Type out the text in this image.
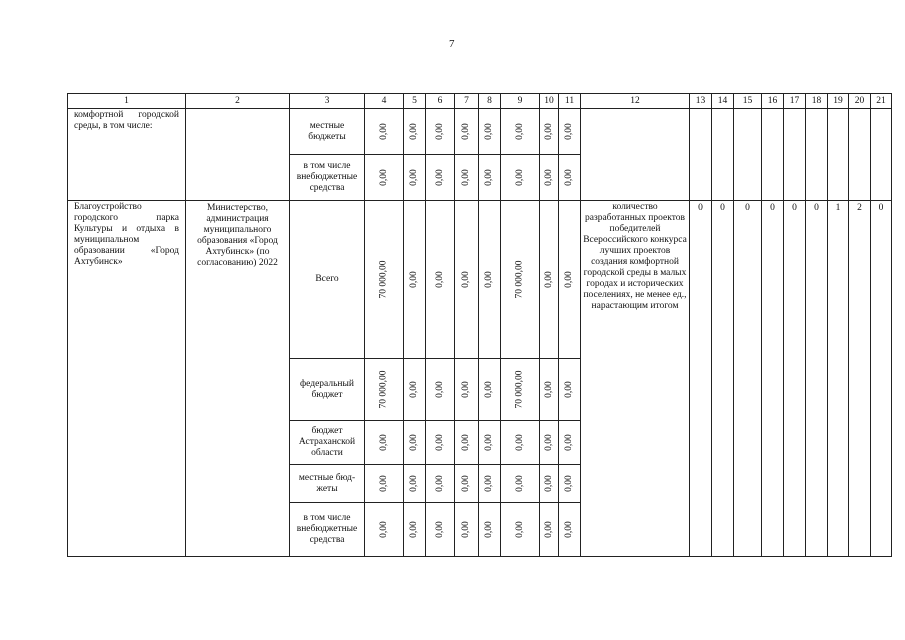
7
1	2	3	4	5	6	7	8	9	10	11	12	13	14	15	16	17	18	19	20	21
комфортной городской среды, в том числе:		местные бюджеты	0,00	0,00	0,00	0,00	0,00	0,00	0,00	0,00										
		в том числе внебюджетные средства	0,00	0,00	0,00	0,00	0,00	0,00	0,00	0,00										
Благоустройство городского парка Культуры и отдыха в муниципальном образовании «Город Ахтубинск»	Министерство, администрация муниципального образования «Город Ахтубинск» (по согласованию) 2022	Всего	70 000,00	0,00	0,00	0,00	0,00	70 000,00	0,00	0,00	количество разработанных проектов победителей Всероссийского конкурса лучших проектов создания комфортной городской среды в малых городах и исторических поселениях, не менее ед., нарастающим итогом	0	0	0	0	0	0	1	2	0
		федеральный бюджет	70 000,00	0,00	0,00	0,00	0,00	70 000,00	0,00	0,00										
		бюджет Астраханской области	0,00	0,00	0,00	0,00	0,00	0,00	0,00	0,00										
		местные бюд-жеты	0,00	0,00	0,00	0,00	0,00	0,00	0,00	0,00										
		в том числе внебюджетные средства	0,00	0,00	0,00	0,00	0,00	0,00	0,00	0,00										
